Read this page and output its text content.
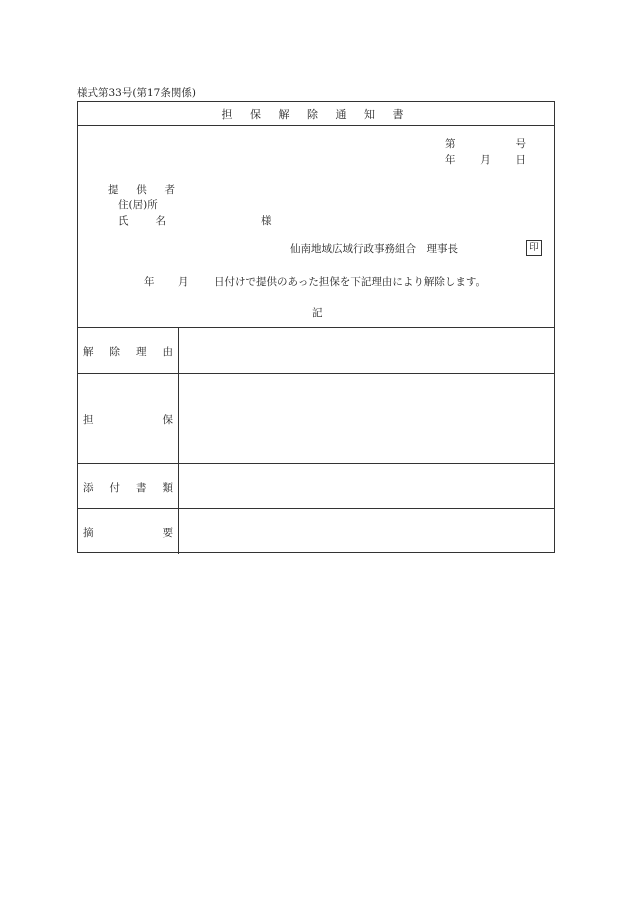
様式第33号(第17条関係)
担 保 解 除 通 知 書
第	号
年 月 日
提 供 者
住(居)所
氏	名	様
仙南地域広域行政事務組合　理事長	印
年 月 日付けで提供のあった担保を下記理由により解除します。
記
解 除 理 由
担	保
添 付 書 類
摘	要
